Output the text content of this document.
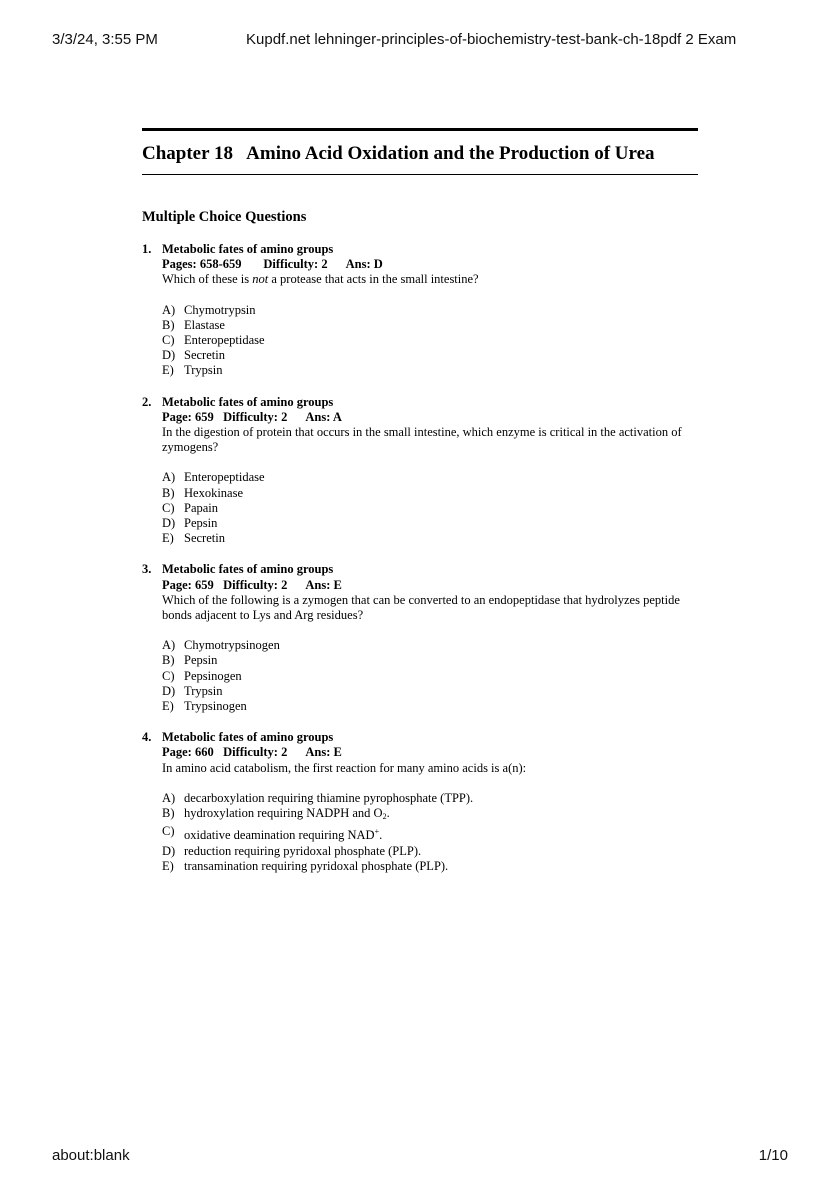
3/3/24, 3:55 PM	Kupdf.net lehninger-principles-of-biochemistry-test-bank-ch-18pdf 2 Exam
Chapter 18   Amino Acid Oxidation and the Production of Urea
Multiple Choice Questions
1. Metabolic fates of amino groups
Pages: 658-659       Difficulty: 2      Ans: D
Which of these is not a protease that acts in the small intestine?
A) Chymotrypsin
B) Elastase
C) Enteropeptidase
D) Secretin
E) Trypsin
2. Metabolic fates of amino groups
Page: 659   Difficulty: 2      Ans: A
In the digestion of protein that occurs in the small intestine, which enzyme is critical in the activation of zymogens?
A) Enteropeptidase
B) Hexokinase
C) Papain
D) Pepsin
E) Secretin
3. Metabolic fates of amino groups
Page: 659   Difficulty: 2      Ans: E
Which of the following is a zymogen that can be converted to an endopeptidase that hydrolyzes peptide bonds adjacent to Lys and Arg residues?
A) Chymotrypsinogen
B) Pepsin
C) Pepsinogen
D) Trypsin
E) Trypsinogen
4. Metabolic fates of amino groups
Page: 660   Difficulty: 2      Ans: E
In amino acid catabolism, the first reaction for many amino acids is a(n):
A) decarboxylation requiring thiamine pyrophosphate (TPP).
B) hydroxylation requiring NADPH and $O_2$.
C) oxidative deamination requiring NAD+.
D) reduction requiring pyridoxal phosphate (PLP).
E) transamination requiring pyridoxal phosphate (PLP).
about:blank	1/10
